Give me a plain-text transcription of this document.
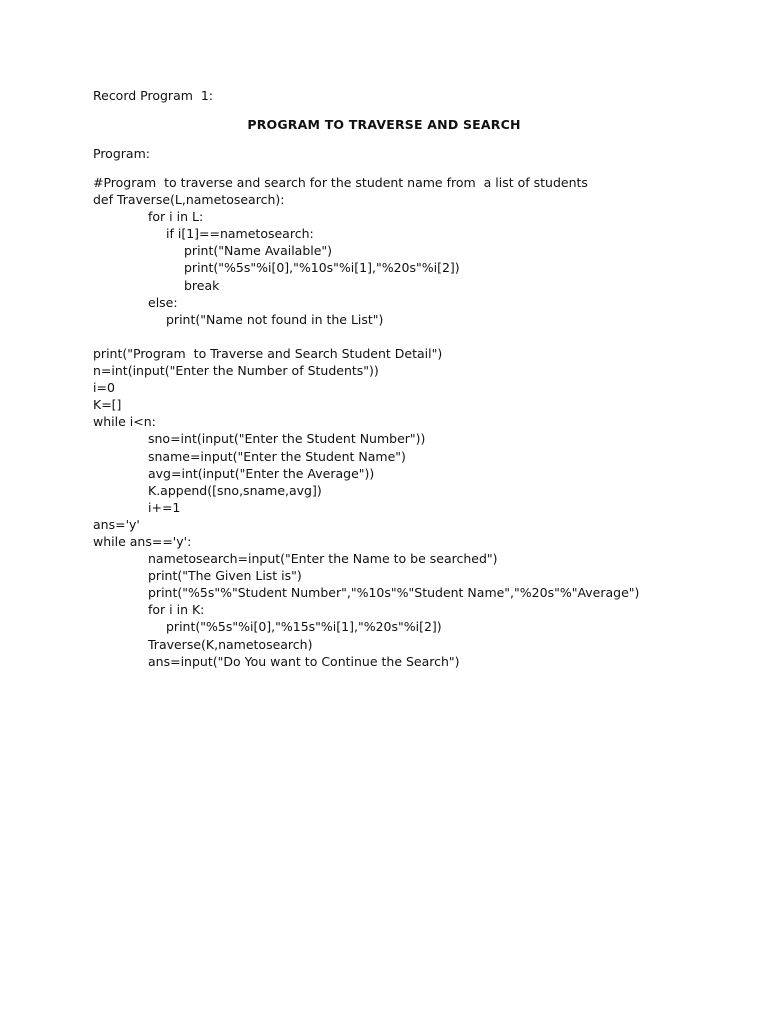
Record Program  1:
PROGRAM TO TRAVERSE AND SEARCH
Program:
#Program  to traverse and search for the student name from  a list of students
def Traverse(L,nametosearch):
for i in L:
if i[1]==nametosearch:
print("Name Available")
print("%5s"%i[0],"%10s"%i[1],"%20s"%i[2])
break
else:
print("Name not found in the List")
print("Program  to Traverse and Search Student Detail")
n=int(input("Enter the Number of Students"))
i=0
K=[]
while i<n:
sno=int(input("Enter the Student Number"))
sname=input("Enter the Student Name")
avg=int(input("Enter the Average"))
K.append([sno,sname,avg])
i+=1
ans='y'
while ans=='y':
nametosearch=input("Enter the Name to be searched")
print("The Given List is")
print("%5s"%"Student Number","%10s"%"Student Name","%20s"%"Average")
for i in K:
print("%5s"%i[0],"%15s"%i[1],"%20s"%i[2])
Traverse(K,nametosearch)
ans=input("Do You want to Continue the Search")
